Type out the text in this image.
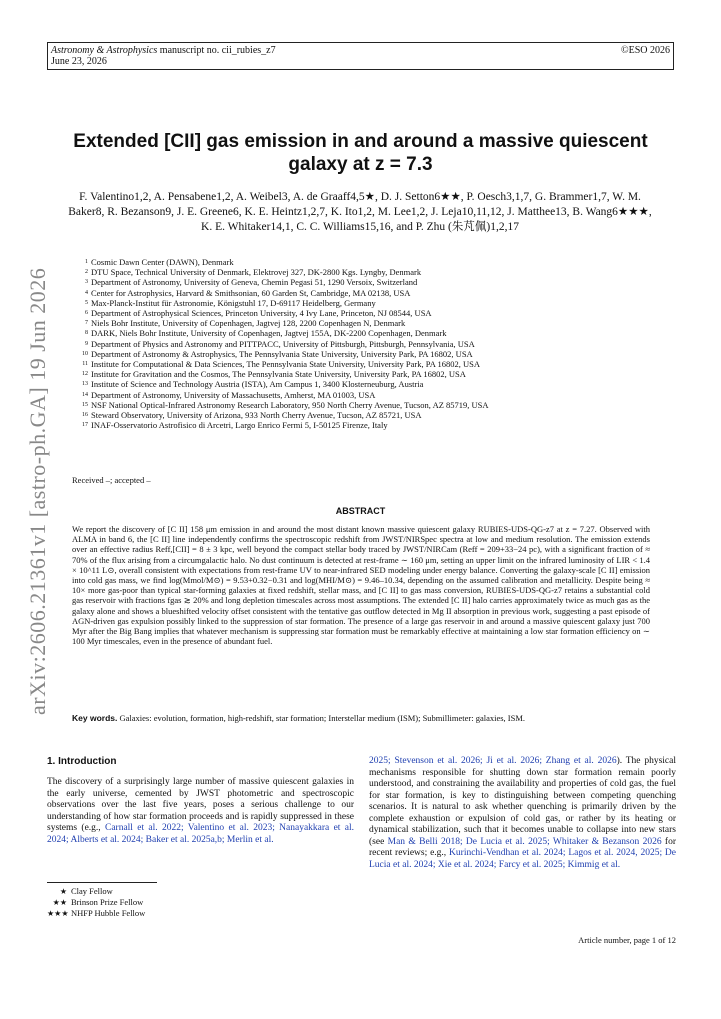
Astronomy & Astrophysics manuscript no. cii_rubies_z7
June 23, 2026
©ESO 2026
arXiv:2606.21361v1 [astro-ph.GA] 19 Jun 2026
Extended [CII] gas emission in and around a massive quiescent
galaxy at z = 7.3
F. Valentino1,2, A. Pensabene1,2, A. Weibel3, A. de Graaff4,5★, D. J. Setton6★★, P. Oesch3,1,7, G. Brammer1,7, W. M.
Baker8, R. Bezanson9, J. E. Greene6, K. E. Heintz1,2,7, K. Ito1,2, M. Lee1,2, J. Leja10,11,12, J. Matthee13, B. Wang6★★★,
K. E. Whitaker14,1, C. C. Williams15,16, and P. Zhu (朱芃佩)1,2,17
1 Cosmic Dawn Center (DAWN), Denmark
2 DTU Space, Technical University of Denmark, Elektrovej 327, DK-2800 Kgs. Lyngby, Denmark
3 Department of Astronomy, University of Geneva, Chemin Pegasi 51, 1290 Versoix, Switzerland
4 Center for Astrophysics, Harvard & Smithsonian, 60 Garden St, Cambridge, MA 02138, USA
5 Max-Planck-Institut für Astronomie, Königstuhl 17, D-69117 Heidelberg, Germany
6 Department of Astrophysical Sciences, Princeton University, 4 Ivy Lane, Princeton, NJ 08544, USA
7 Niels Bohr Institute, University of Copenhagen, Jagtvej 128, 2200 Copenhagen N, Denmark
8 DARK, Niels Bohr Institute, University of Copenhagen, Jagtvej 155A, DK-2200 Copenhagen, Denmark
9 Department of Physics and Astronomy and PITTPACC, University of Pittsburgh, Pittsburgh, Pennsylvania, USA
10 Department of Astronomy & Astrophysics, The Pennsylvania State University, University Park, PA 16802, USA
11 Institute for Computational & Data Sciences, The Pennsylvania State University, University Park, PA 16802, USA
12 Institute for Gravitation and the Cosmos, The Pennsylvania State University, University Park, PA 16802, USA
13 Institute of Science and Technology Austria (ISTA), Am Campus 1, 3400 Klosterneuburg, Austria
14 Department of Astronomy, University of Massachusetts, Amherst, MA 01003, USA
15 NSF National Optical-Infrared Astronomy Research Laboratory, 950 North Cherry Avenue, Tucson, AZ 85719, USA
16 Steward Observatory, University of Arizona, 933 North Cherry Avenue, Tucson, AZ 85721, USA
17 INAF-Osservatorio Astrofisico di Arcetri, Largo Enrico Fermi 5, I-50125 Firenze, Italy
Received –; accepted –
ABSTRACT
We report the discovery of [C II] 158 μm emission in and around the most distant known massive quiescent galaxy RUBIES-UDS-QG-z7 at z = 7.27. Observed with ALMA in band 6, the [C II] line independently confirms the spectroscopic redshift from JWST/NIRSpec spectra at low and medium resolution. The emission extends over an effective radius Reff,[CII] = 8 ± 3 kpc, well beyond the compact stellar body traced by JWST/NIRCam (Reff = 209+33−24 pc), with a significant fraction of ≈ 70% of the flux arising from a circumgalactic halo. No dust continuum is detected at rest-frame ∼ 160 μm, setting an upper limit on the infrared luminosity of LIR < 1.4 × 10^11 L⊙, overall consistent with expectations from rest-frame UV to near-infrared SED modeling under energy balance. Converting the galaxy-scale [C II] emission into cold gas mass, we find log(Mmol/M⊙) = 9.53+0.32−0.31 and log(MHI/M⊙) = 9.46–10.34, depending on the assumed calibration and metallicity. Despite being ≈ 10× more gas-poor than typical star-forming galaxies at fixed redshift, stellar mass, and [C II] to gas mass conversion, RUBIES-UDS-QG-z7 retains a substantial cold gas reservoir with fractions fgas ≳ 20% and long depletion timescales across most assumptions. The extended [C II] halo carries approximately twice as much gas as the galaxy alone and shows a blueshifted velocity offset consistent with the tentative gas outflow detected in Mg II absorption in previous work, suggesting a past episode of AGN-driven gas expulsion possibly linked to the suppression of star formation. The presence of a large gas reservoir in and around a massive quiescent galaxy just 700 Myr after the Big Bang implies that whatever mechanism is suppressing star formation must be remarkably effective at maintaining a low star formation efficiency on ∼ 100 Myr timescales, even in the presence of abundant fuel.
Key words. Galaxies: evolution, formation, high-redshift, star formation; Interstellar medium (ISM); Submillimeter: galaxies, ISM.
1. Introduction
The discovery of a surprisingly large number of massive quiescent galaxies in the early universe, cemented by JWST photometric and spectroscopic observations over the last five years, poses a serious challenge to our understanding of how star formation proceeds and is rapidly suppressed in these systems (e.g., Carnall et al. 2022; Valentino et al. 2023; Nanayakkara et al. 2024; Alberts et al. 2024; Baker et al. 2025a,b; Merlin et al.
2025; Stevenson et al. 2026; Ji et al. 2026; Zhang et al. 2026). The physical mechanisms responsible for shutting down star formation remain poorly understood, and constraining the availability and properties of cold gas, the fuel for star formation, is key to distinguishing between competing quenching scenarios. It is natural to ask whether quenching is primarily driven by the complete exhaustion or expulsion of cold gas, or rather by its heating or dynamical stabilization, such that it becomes unable to collapse into new stars (see Man & Belli 2018; De Lucia et al. 2025; Whitaker & Bezanson 2026 for recent reviews; e.g., Kurinchi-Vendhan et al. 2024; Lagos et al. 2024, 2025; De Lucia et al. 2024; Xie et al. 2024; Farcy et al. 2025; Kimmig et al.
★ Clay Fellow
★★ Brinson Prize Fellow
★★★ NHFP Hubble Fellow
Article number, page 1 of 12
